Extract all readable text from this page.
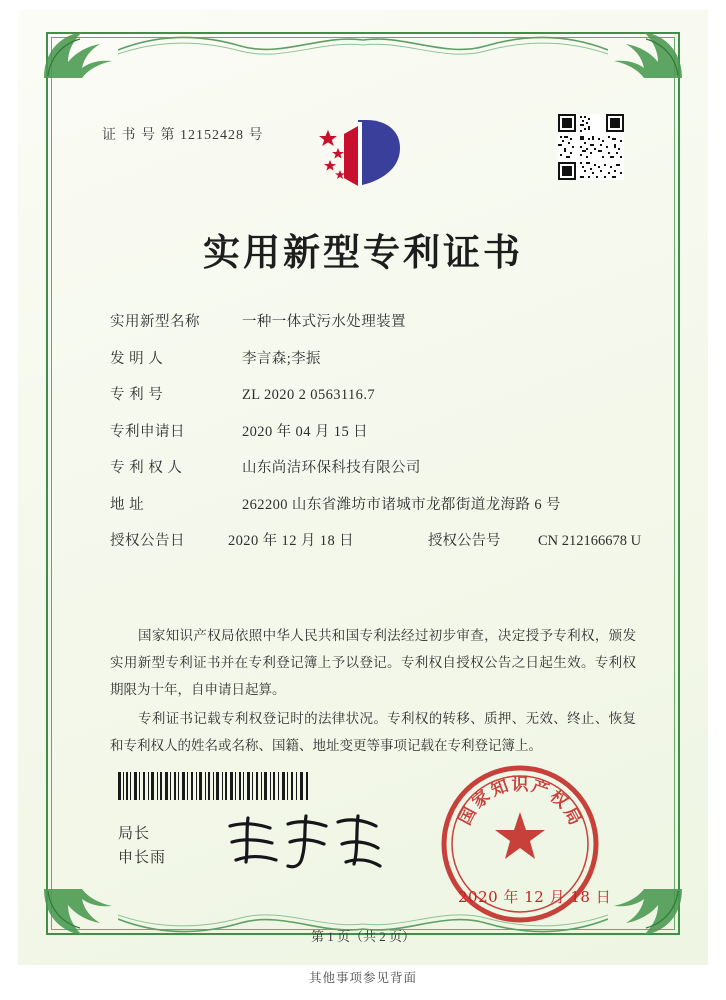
证 书 号 第 12152428 号
实用新型专利证书
实用新型名称	一种一体式污水处理装置
发 明 人	李言森;李振
专 利 号	ZL 2020 2 0563116.7
专利申请日	2020 年 04 月 15 日
专 利 权 人	山东尚洁环保科技有限公司
地 址	262200 山东省潍坊市诸城市龙都街道龙海路 6 号
授权公告日	2020 年 12 月 18 日	授权公告号	CN 212166678 U

国家知识产权局依照中华人民共和国专利法经过初步审查，决定授予专利权，颁发实用新型专利证书并在专利登记簿上予以登记。专利权自授权公告之日起生效。专利权期限为十年，自申请日起算。

专利证书记载专利权登记时的法律状况。专利权的转移、质押、无效、终止、恢复和专利权人的姓名或名称、国籍、地址变更等事项记载在专利登记簿上。

局长
申长雨
国
家
知 识 产
权
局
2020 年 12 月 18 日
第 1 页（共 2 页）
其他事项参见背面
